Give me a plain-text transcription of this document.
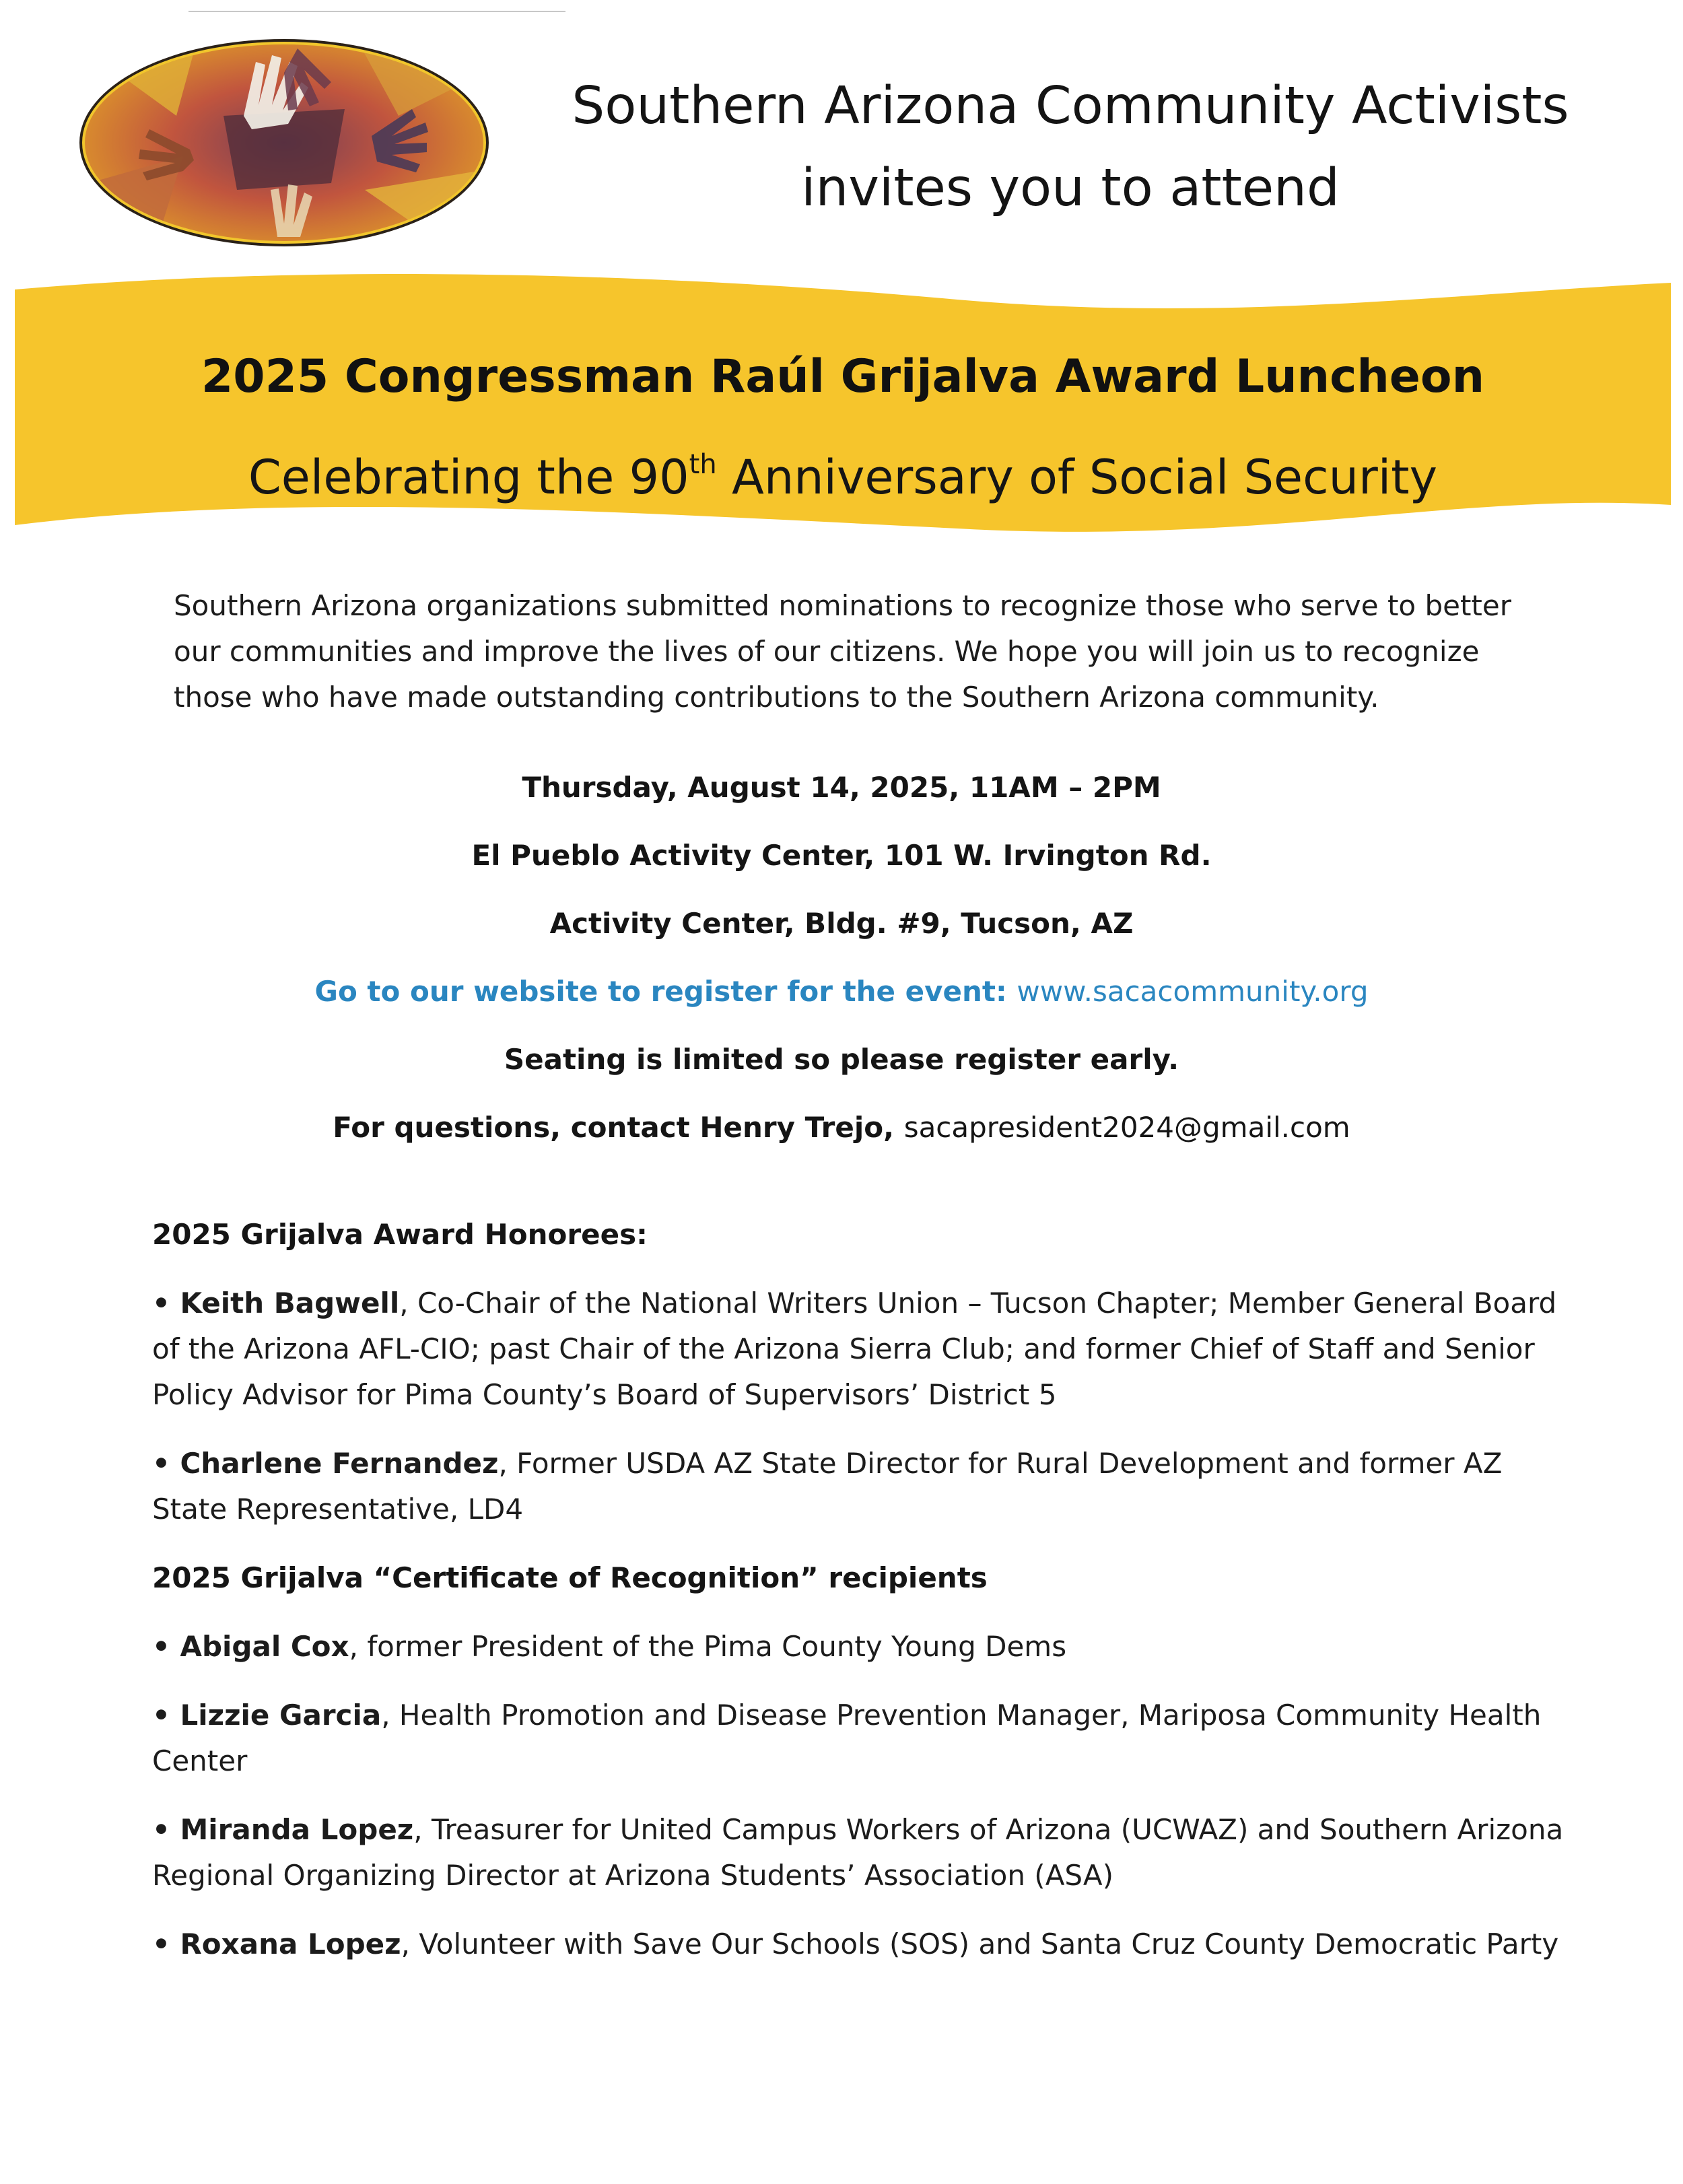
Southern Arizona Community Activists
invites you to attend
2025 Congressman Raúl Grijalva Award Luncheon
Celebrating the 90th Anniversary of Social Security

Southern Arizona organizations submitted nominations to recognize those who serve to better our communities and improve the lives of our citizens. We hope you will join us to recognize those who have made outstanding contributions to the Southern Arizona community.

Thursday, August 14, 2025, 11AM – 2PM
El Pueblo Activity Center, 101 W. Irvington Rd.
Activity Center, Bldg. #9, Tucson, AZ
Go to our website to register for the event: www.sacacommunity.org
Seating is limited so please register early.
For questions, contact Henry Trejo, sacapresident2024@gmail.com
2025 Grijalva Award Honorees:
• Keith Bagwell, Co-Chair of the National Writers Union – Tucson Chapter; Member General Board of the Arizona AFL-CIO; past Chair of the Arizona Sierra Club; and former Chief of Staff and Senior Policy Advisor for Pima County’s Board of Supervisors’ District 5
• Charlene Fernandez, Former USDA AZ State Director for Rural Development and former AZ State Representative, LD4
2025 Grijalva “Certificate of Recognition” recipients
• Abigal Cox, former President of the Pima County Young Dems
• Lizzie Garcia, Health Promotion and Disease Prevention Manager, Mariposa Community Health Center
• Miranda Lopez, Treasurer for United Campus Workers of Arizona (UCWAZ) and Southern Arizona Regional Organizing Director at Arizona Students’ Association (ASA)
• Roxana Lopez, Volunteer with Save Our Schools (SOS) and Santa Cruz County Democratic Party
